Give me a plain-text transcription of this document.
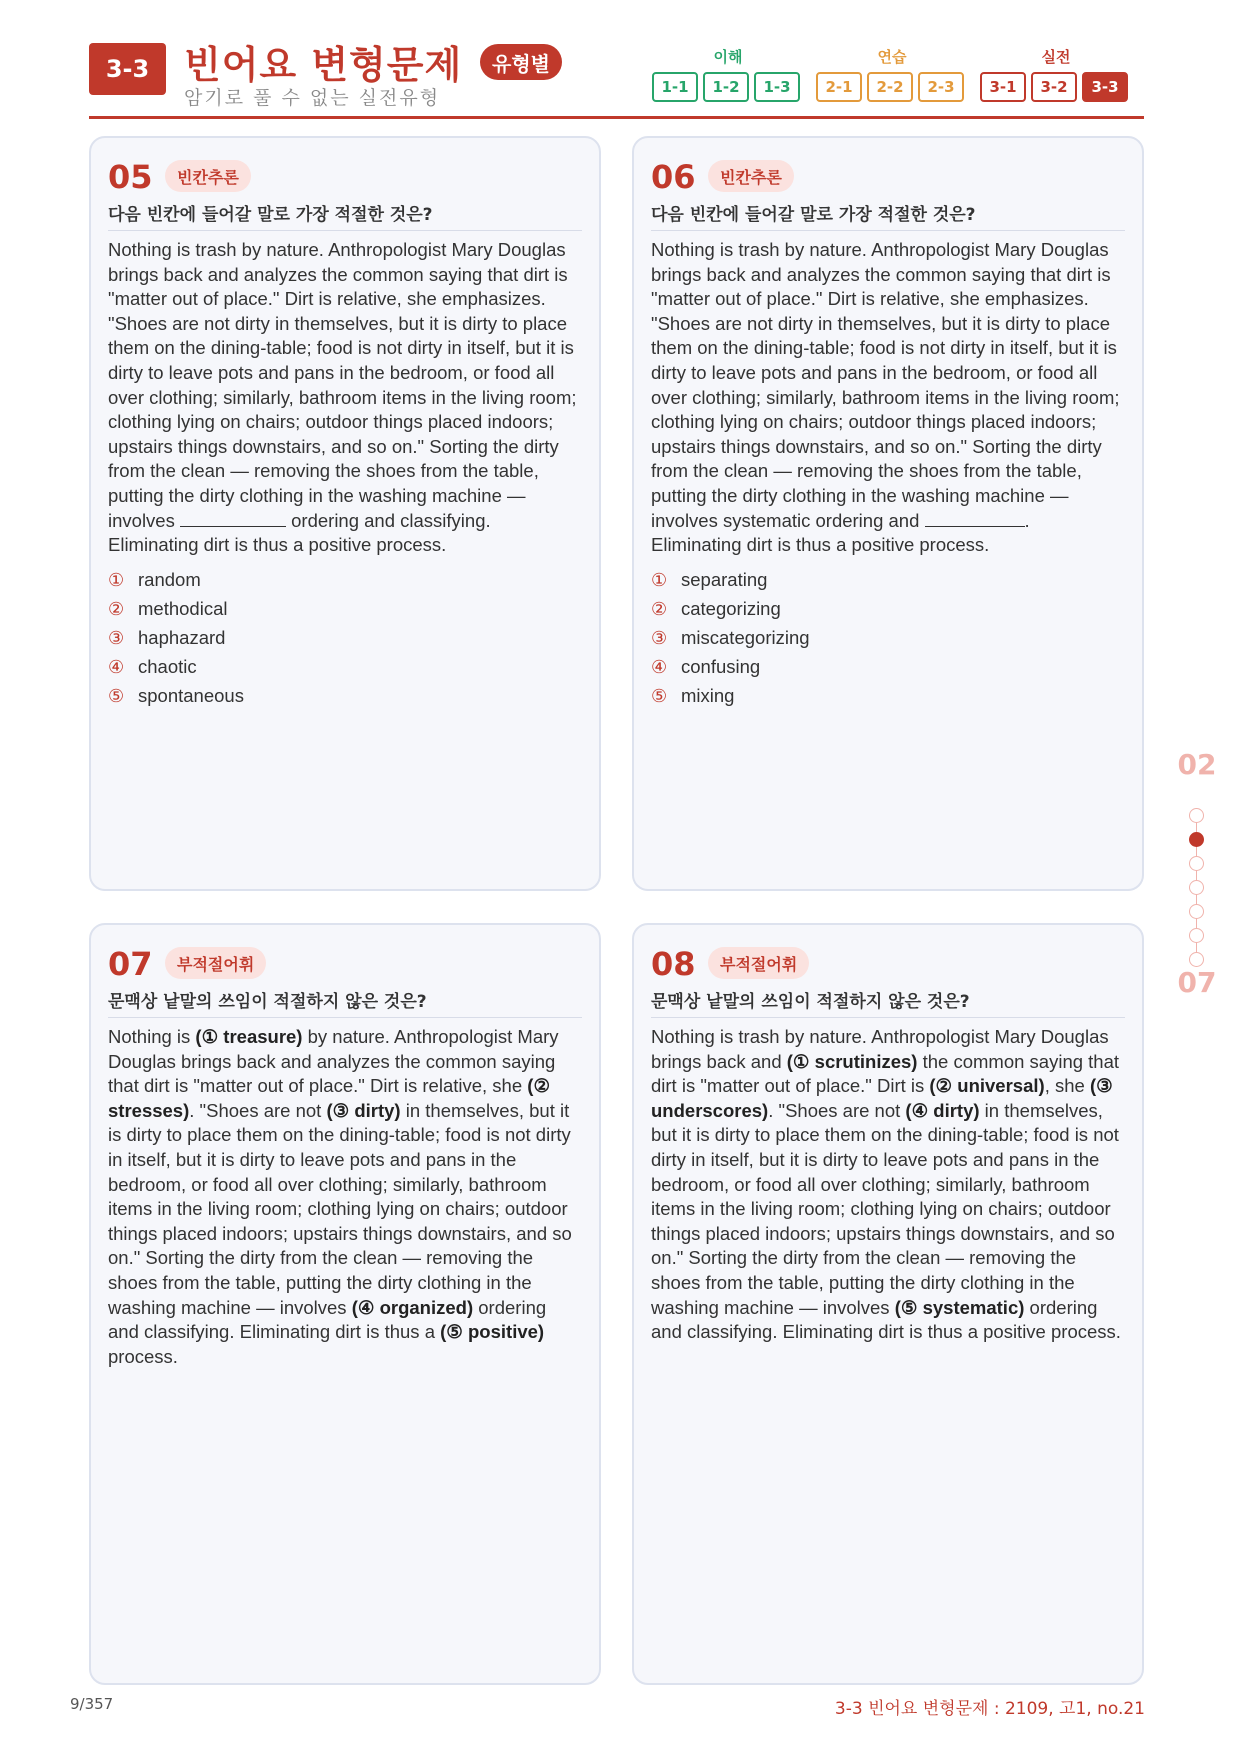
3-3 빈어요 변형문제	유형별
암기로 풀 수 없는 실전유형
이해	연습	실전
1-1	1-2	1-3	2-1	2-2	2-3	3-1	3-2	3-3
05	빈칸추론
다음 빈칸에 들어갈 말로 가장 적절한 것은?
Nothing is trash by nature. Anthropologist Mary Douglas brings back and analyzes the common saying that dirt is "matter out of place." Dirt is relative, she emphasizes. "Shoes are not dirty in themselves, but it is dirty to place them on the dining-table; food is not dirty in itself, but it is dirty to leave pots and pans in the bedroom, or food all over clothing; similarly, bathroom items in the living room; clothing lying on chairs; outdoor things placed indoors; upstairs things downstairs, and so on." Sorting the dirty from the clean — removing the shoes from the table, putting the dirty clothing in the washing machine — involves	ordering and classifying. Eliminating dirt is thus a positive process.
① random
② methodical
③ haphazard
④ chaotic
⑤ spontaneous
06	빈칸추론
다음 빈칸에 들어갈 말로 가장 적절한 것은?
Nothing is trash by nature. Anthropologist Mary Douglas brings back and analyzes the common saying that dirt is "matter out of place." Dirt is relative, she emphasizes. "Shoes are not dirty in themselves, but it is dirty to place them on the dining-table; food is not dirty in itself, but it is dirty to leave pots and pans in the bedroom, or food all over clothing; similarly, bathroom items in the living room; clothing lying on chairs; outdoor things placed indoors; upstairs things downstairs, and so on." Sorting the dirty from the clean — removing the shoes from the table, putting the dirty clothing in the washing machine — involves systematic ordering and	. Eliminating dirt is thus a positive process.
① separating
② categorizing
③ miscategorizing
④ confusing
⑤ mixing
07	부적절어휘
문맥상 낱말의 쓰임이 적절하지 않은 것은?
Nothing is (① treasure) by nature. Anthropologist Mary Douglas brings back and analyzes the common saying that dirt is "matter out of place." Dirt is relative, she (② stresses). "Shoes are not (③ dirty) in themselves, but it is dirty to place them on the dining-table; food is not dirty in itself, but it is dirty to leave pots and pans in the bedroom, or food all over clothing; similarly, bathroom items in the living room; clothing lying on chairs; outdoor things placed indoors; upstairs things downstairs, and so on." Sorting the dirty from the clean — removing the shoes from the table, putting the dirty clothing in the washing machine — involves (④ organized) ordering and classifying. Eliminating dirt is thus a (⑤ positive) process.
08	부적절어휘
문맥상 낱말의 쓰임이 적절하지 않은 것은?
Nothing is trash by nature. Anthropologist Mary Douglas brings back and (① scrutinizes) the common saying that dirt is "matter out of place." Dirt is (② universal), she (③ underscores). "Shoes are not (④ dirty) in themselves, but it is dirty to place them on the dining-table; food is not dirty in itself, but it is dirty to leave pots and pans in the bedroom, or food all over clothing; similarly, bathroom items in the living room; clothing lying on chairs; outdoor things placed indoors; upstairs things downstairs, and so on." Sorting the dirty from the clean — removing the shoes from the table, putting the dirty clothing in the washing machine — involves (⑤ systematic) ordering and classifying. Eliminating dirt is thus a positive process.
02
07
9/357	3-3 빈어요 변형문제 : 2109, 고1, no.21
